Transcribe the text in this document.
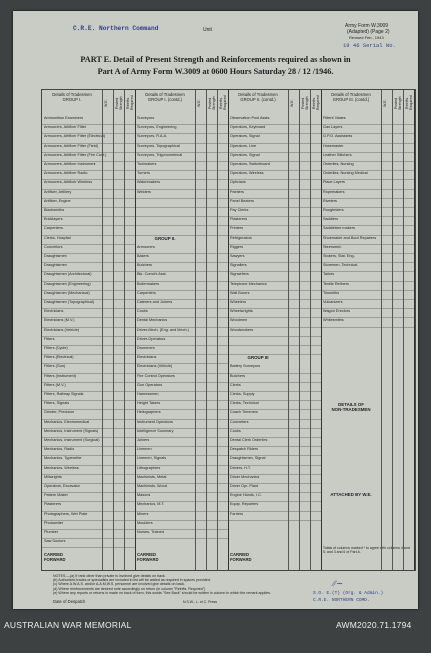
C.R.E. Northern Command	Unit
Army Form W.3009
(Adapted) (Page 2)
Revised Feb., 1943
19 46 Serial No.
PART E. Detail of Present Strength and Reinforcements required as shown in
Part A of Army Form W.3009 at 0600 Hours Saturday 28 / 12 /1946.
Details of Tradesmen
GROUP I.	W.E.	Posted Strength Reinfts. Required
Ammunition Examiners
Armourers, Artificer Fitter
Armourers, Artificer Fitter (Electrical)
Armourers, Artificer Fitter (Field)
Armourers, Artificer Fitter (Fire Cont.)
Armourers, Artificer Instrument
Armourers, Artificer Radio
Armourers, Artificer Wireless
Artificer, Artillery
Artificer, Engine
Blacksmiths
Bricklayers
Carpenters
Clerks, Hospital
Concretors
Draughtsmen
Draughtsmen
Draughtsmen (Architectural)
Draughtsmen (Engineering)
Draughtsmen (Mechanical)
Draughtsmen (Topographical)
Electricians
Electricians (M.V.)
Electricians (Vehicle)
Fitters
Fitters (Cycle)
Fitters (Electrical)
Fitters (Gun)
Fitters (Instrument)
Fitters (M.V.)
Fitters, Railway Signals
Fitters, Signals
Grinder, Precision
Mechanics, Electromedical
Mechanics, Instrument (Signals)
Mechanics, Instrument (Surgical)
Mechanics, Radio
Mechanics, Typewriter
Mechanics, Wireless
Millwrights
Operators, Excavator
Pattern Maker
Plasterers
Photographers, Wet Plate
Photowriter
Plumber
Saw Doctors
CARRIED
FORWARD
Details of Tradesmen
GROUP I. (contd.)	W.E.	Posted Strength Reinfts. Required
Surveyors
Surveyors, Engineering
Surveyors, R.A.A.
Surveyors, Topographical
Surveyors, Trigonometrical
Toolmakers
Turners
Watchmakers
Welders
GROUP II.
Armourers
Bakers
Butchers
Bkr. Comd's Asst.
Boilermakers
Carpenters
Caterers and Joiners
Cooks
Dental Mechanics
Driver-Mech. (Eng. and Mech.)
Driver-Operators
Drummers
Electricians
Electricians (Vehicle)
Fire Control Operators
Gun Operators
Harnessmen
Height Takers
Heliographers
Instrument Operators
Intelligence Summary
Joiners
Linemen
Linemen, Signals
Lithographers
Machinists, Metal
Machinists, Wood
Masons
Mechanics, M.T.
Miners
Moulders
Nurses, Trained
CARRIED
FORWARD
Details of Tradesmen
GROUP II. (contd.)	W.E.	Posted Strength Reinfts. Required
Observation Post Assts.
Operators, Keyboard
Operators, Signal
Operators, Line
Operators, Signal
Operators, Switchboard
Operators, Wireless
Opticians
Painters
Panel Beaters
Pay Clerks
Plasterers
Printers
Refrigerators
Riggers
Sawyers
Signallers
Signwriters
Telephone Mechanics
Wall Borers
Wheelers
Wheelwrights
Woodmen
Woodworkers
GROUP III
Battery Surveyors
Butchers
Clerks
Clerks, Supply
Clerks, Technical
Coach Trimmers
Concreters
Cooks
Dental Clerk Orderlies
Despatch Riders
Draughtsmen, Signal
Drivers, H.T.
Driver Mechanics
Driver Opr. Plant
Engine Hands, I.C.
Equip. Repairers
Farriers
CARRIED
FORWARD
Details of Tradesmen
GROUP III. (contd.)	W.E.	Posted Strength Reinfts. Required
Fitters' Mates
Gas Layers
G.P.O. Assistants
Hosemaster
Leather Stitchers
Orderlies, Nursing
Orderlies, Nursing Medical
Place Layers
Ropemakers
Riveters
Roughriders
Saddlers
Saddletree makers
Shoemaker and Boot Repairers
Steersmen
Stokers, Stat. Eng.
Storemen, Technical
Tailors
Textile Refiners
Tinsmiths
Vulcanizers
Wagon Erectors
Whitesmiths
DETAILS OF
NON-TRADESMEN
ATTACHED BY W.E.
Totals of columns marked * to agree with columns 4 and 5, and 3 and 6 of Part A.
NOTES.—(a) If rank other than private is involved give details on back.
(b) Authorized trades or specialists are included in list will be added as required in spaces provided.
(c) Where A.W.A.S. and/or A.A.M.W.S. personnel are involved give details on back.
(d) Where reinforcements are desired note accordingly on return (in column "Reinfts. Required")
(e) Where any reports or returns is made on back of form, this words "See Back" should be written in column in which the remark applies.
Date of Despatch	N.S.W., L. of C. Press
S.O. E.(T) (Org. & Admin.)
C.R.E. NORTHERN COMD.
⁄∕∼
AUSTRALIAN WAR MEMORIAL	AWM2020.71.1794
